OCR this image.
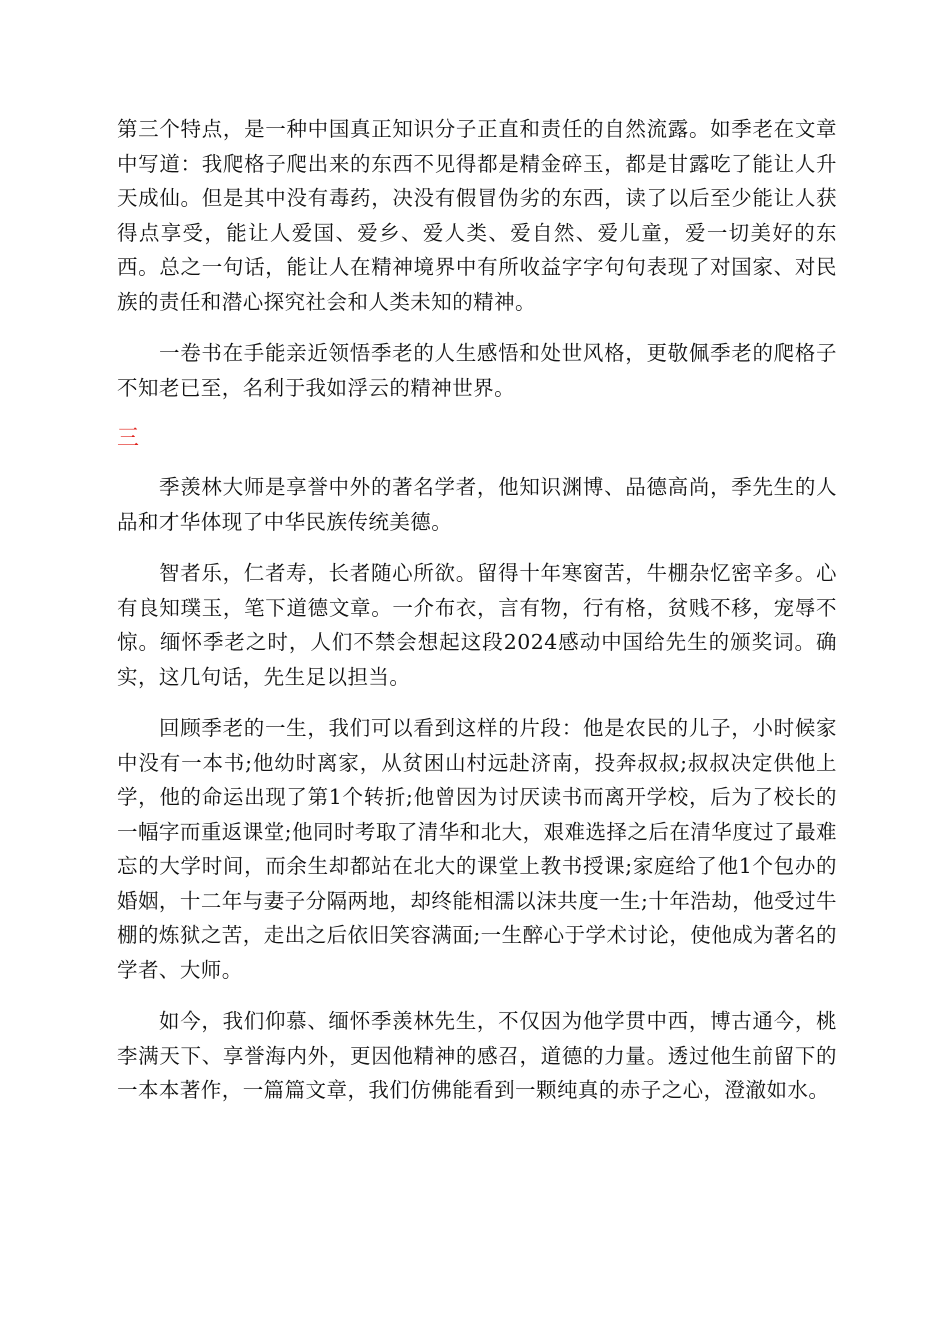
第三个特点，是一种中国真正知识分子正直和责任的自然流露。如季老在文章中写道：我爬格子爬出来的东西不见得都是精金碎玉，都是甘露吃了能让人升天成仙。但是其中没有毒药，决没有假冒伪劣的东西，读了以后至少能让人获得点享受，能让人爱国、爱乡、爱人类、爱自然、爱儿童，爱一切美好的东西。总之一句话，能让人在精神境界中有所收益字字句句表现了对国家、对民族的责任和潜心探究社会和人类未知的精神。

一卷书在手能亲近领悟季老的人生感悟和处世风格，更敬佩季老的爬格子不知老已至，名利于我如浮云的精神世界。

三

季羡林大师是享誉中外的著名学者，他知识渊博、品德高尚，季先生的人品和才华体现了中华民族传统美德。

智者乐，仁者寿，长者随心所欲。留得十年寒窗苦，牛棚杂忆密辛多。心有良知璞玉，笔下道德文章。一介布衣，言有物，行有格，贫贱不移，宠辱不惊。缅怀季老之时，人们不禁会想起这段2024感动中国给先生的颁奖词。确实，这几句话，先生足以担当。

回顾季老的一生，我们可以看到这样的片段：他是农民的儿子，小时候家中没有一本书;他幼时离家，从贫困山村远赴济南，投奔叔叔;叔叔决定供他上学，他的命运出现了第1个转折;他曾因为讨厌读书而离开学校，后为了校长的一幅字而重返课堂;他同时考取了清华和北大，艰难选择之后在清华度过了最难忘的大学时间，而余生却都站在北大的课堂上教书授课;家庭给了他1个包办的婚姻，十二年与妻子分隔两地，却终能相濡以沫共度一生;十年浩劫，他受过牛棚的炼狱之苦，走出之后依旧笑容满面;一生醉心于学术讨论，使他成为著名的学者、大师。

如今，我们仰慕、缅怀季羡林先生，不仅因为他学贯中西，博古通今，桃李满天下、享誉海内外，更因他精神的感召，道德的力量。透过他生前留下的一本本著作，一篇篇文章，我们仿佛能看到一颗纯真的赤子之心，澄澈如水。
